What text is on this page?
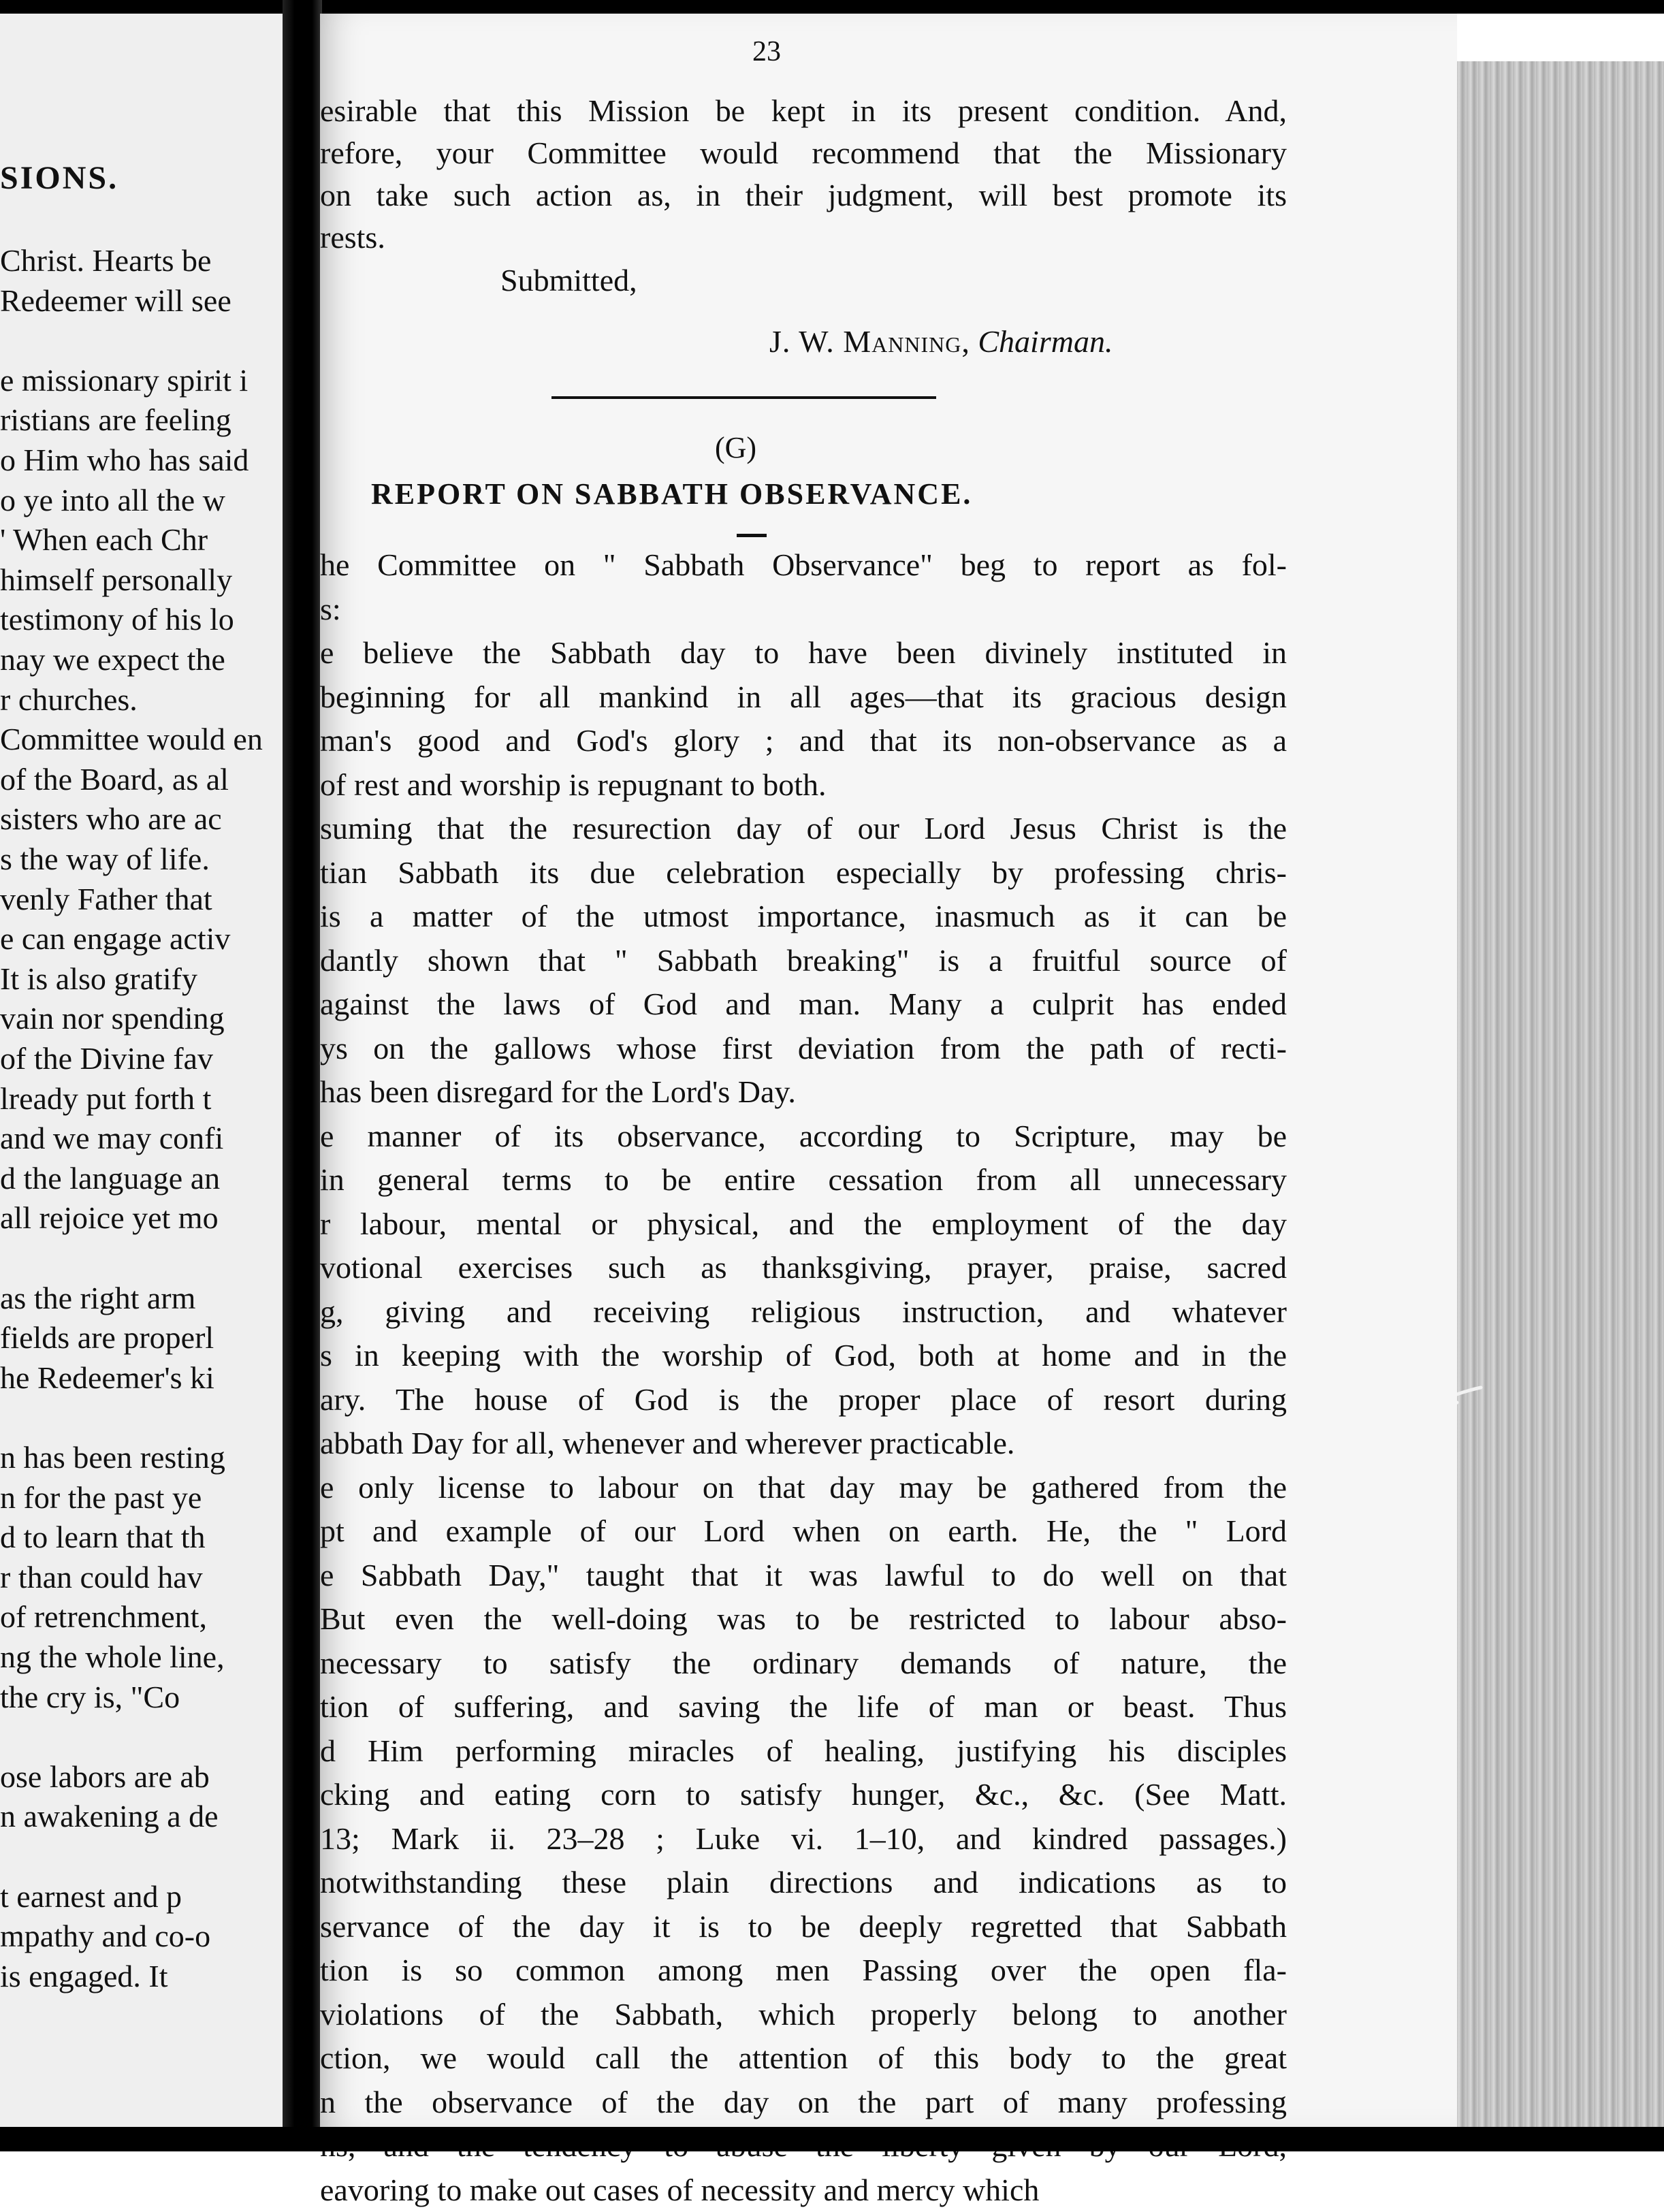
SIONS.
Christ. Hearts be
Redeemer will see
e missionary spirit i
ristians are feeling
o Him who has said
o ye into all the w
' When each Chr
himself personally
testimony of his lo
nay we expect the
r churches.
Committee would en
of the Board, as al
sisters who are ac
s the way of life.
venly Father that
e can engage activ
It is also gratify
vain nor spending
of the Divine fav
lready put forth t
and we may confi
d the language an
all rejoice yet mo
as the right arm
fields are properl
he Redeemer's ki
n has been resting
n for the past ye
d to learn that th
r than could hav
of retrenchment,
ng the whole line,
the cry is, "Co
ose labors are ab
n awakening a de
t earnest and p
mpathy and co-o
is engaged. It
23
esirable that this Mission be kept in its present condition. And,
refore, your Committee would recommend that the Missionary
on take such action as, in their judgment, will best promote its
rests.
Submitted,
J. W. Manning, Chairman.
(G)
REPORT ON SABBATH OBSERVANCE.
he Committee on " Sabbath Observance" beg to report as fol-
s:
e believe the Sabbath day to have been divinely instituted in
beginning for all mankind in all ages—that its gracious design
man's good and God's glory ; and that its non-observance as a
of rest and worship is repugnant to both.
suming that the resurection day of our Lord Jesus Christ is the
tian Sabbath its due celebration especially by professing chris-
is a matter of the utmost importance, inasmuch as it can be
dantly shown that " Sabbath breaking" is a fruitful source of
against the laws of God and man. Many a culprit has ended
ys on the gallows whose first deviation from the path of recti-
has been disregard for the Lord's Day.
e manner of its observance, according to Scripture, may be
in general terms to be entire cessation from all unnecessary
r labour, mental or physical, and the employment of the day
votional exercises such as thanksgiving, prayer, praise, sacred
g, giving and receiving religious instruction, and whatever
s in keeping with the worship of God, both at home and in the
ary. The house of God is the proper place of resort during
abbath Day for all, whenever and wherever practicable.
e only license to labour on that day may be gathered from the
pt and example of our Lord when on earth. He, the " Lord
e Sabbath Day," taught that it was lawful to do well on that
But even the well-doing was to be restricted to labour abso-
necessary to satisfy the ordinary demands of nature, the
tion of suffering, and saving the life of man or beast. Thus
d Him performing miracles of healing, justifying his disciples
cking and eating corn to satisfy hunger, &c., &c. (See Matt.
13; Mark ii. 23–28 ; Luke vi. 1–10, and kindred passages.)
notwithstanding these plain directions and indications as to
servance of the day it is to be deeply regretted that Sabbath
tion is so common among men Passing over the open fla-
violations of the Sabbath, which properly belong to another
ction, we would call the attention of this body to the great
n the observance of the day on the part of many professing
eavoring to make out cases of necessity and mercy which
